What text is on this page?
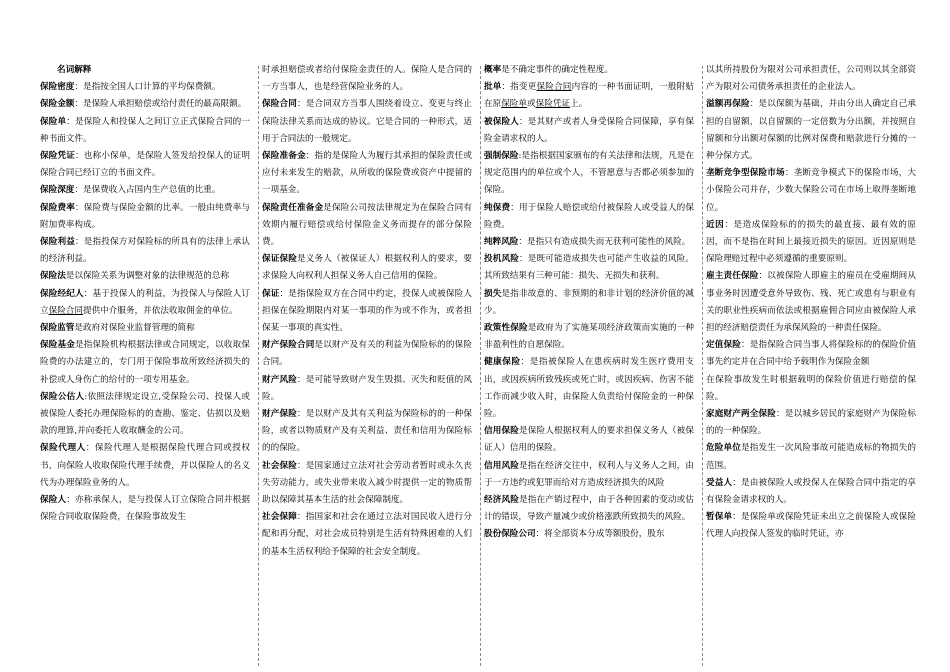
名词解释

保险密度：是指按全国人口计算的平均保费额。

保险金额：是保险人承担赔偿或给付责任的最高限额。

保险单：是保险人和投保人之间订立正式保险合同的一种书面文件。

保险凭证：也称小保单，是保险人签发给投保人的证明保险合同已经订立的书面文件。

保险深度：是保费收入占国内生产总值的比重。

保险费率：保险费与保险金额的比率。一般由纯费率与附加费率构成。

保险利益：是指投保方对保险标的所具有的法律上承认的经济利益。

保险法是以保险关系为调整对象的法律规范的总称

保险经纪人：基于投保人的利益，为投保人与保险人订立保险合同提供中介服务，并依法收取佣金的单位。

保险监管是政府对保险业监督管理的简称

保险基金是指保险机构根据法律或合同规定，以收取保险费的办法建立的，专门用于保险事故所致经济损失的补偿或人身伤亡的给付的一项专用基金。

保险公估人:依照法律规定设立,受保险公司、投保人或被保险人委托办理保险标的的查勘、鉴定、估损以及赔款的理算,并向委托人收取酬金的公司。

保险代理人：保险代理人是根据保险代理合同或授权书，向保险人收取保险代理手续费，并以保险人的名义代为办理保险业务的人。

保险人：亦称承保人，是与投保人订立保险合同并根据保险合同收取保险费，在保险事故发生

时承担赔偿或者给付保险金责任的人。保险人是合同的一方当事人，也是经营保险业务的人。

保险合同：是合同双方当事人围绕着设立、变更与终止保险法律关系而达成的协议。它是合同的一种形式，适用于合同法的一般规定。

保险准备金：指的是保险人为履行其承担的保险责任或应付未来发生的赔款，从所收的保险费或资产中提留的一项基金。

保险责任准备金是保险公司按法律规定为在保险合同有效期内履行赔偿或给付保险金义务而提存的部分保险费。

保证保险是义务人（被保证人）根据权利人的要求，要求保险人向权利人担保义务人自己信用的保险。

保证：是指保险双方在合同中约定，投保人或被保险人担保在保险期限内对某一事项的作为或不作为，或者担保某一事项的真实性。

财产保险合同是以财产及有关的利益为保险标的的保险合同。

财产风险：是可能导致财产发生毁损、灭失和贬值的风险。

财产保险：是以财产及其有关利益为保险标的的一种保险，或者以物质财产及有关利益、责任和信用为保险标的的保险。

社会保险：是国家通过立法对社会劳动者暂时或永久丧失劳动能力，或失业带来收入减少时提供一定的物质帮助以保障其基本生活的社会保障制度。

社会保障：指国家和社会在通过立法对国民收入进行分配和再分配，对社会成员特别是生活有特殊困难的人们的基本生活权利给予保障的社会安全制度。

概率是不确定事件的确定性程度。

批单：指变更保险合同内容的一种书面证明，一般附贴在原保险单或保险凭证上。

被保险人：是其财产或者人身受保险合同保障，享有保险金请求权的人。

强制保险:是指根据国家颁布的有关法律和法规，凡是在规定范围内的单位或个人，不管愿意与否都必须参加的保险。

纯保费：用于保险人赔偿或给付被保险人或受益人的保险费。

纯粹风险：是指只有造成损失而无获利可能性的风险。

投机风险：是既可能造成损失也可能产生收益的风险。其所致结果有三种可能：损失、无损失和获利。

损失是指非故意的、非预期的和非计划的经济价值的减少。

政策性保险是政府为了实施某项经济政策而实施的一种非盈利性的自愿保险。

健康保险：是指被保险人在患疾病时发生医疗费用支出，或因疾病所致残疾或死亡时，或因疾病、伤害不能工作而减少收入时，由保险人负责给付保险金的一种保险。

信用保险是保险人根据权利人的要求担保义务人（被保证人）信用的保险。

信用风险是指在经济交往中，权利人与义务人之间，由于一方违约或犯罪而给对方造成经济损失的风险

经济风险是指在产销过程中，由于各种因素的变动或估计的错误，导致产量减少或价格涨跌所致损失的风险。

股份保险公司：将全部资本分成等额股份，股东

以其所持股份为限对公司承担责任，公司则以其全部资产为限对公司债务承担责任的企业法人。

溢额再保险：是以保额为基础，并由分出人确定自己承担的自留额，以自留额的一定倍数为分出额，并按照自留额和分出额对保额的比例对保费和赔款进行分摊的一种分保方式。

垄断竞争型保险市场：垄断竞争模式下的保险市场，大小保险公司并存，少数大保险公司在市场上取得垄断地位。

近因：是造成保险标的的损失的最直接、最有效的原因，而不是指在时间上最接近损失的原因。近因原则是保险理赔过程中必须遵循的重要原则。

雇主责任保险：以被保险人即雇主的雇员在受雇期间从事业务时因遭受意外导致伤、残、死亡或患有与职业有关的职业性疾病而依法或根据雇佣合同应由被保险人承担的经济赔偿责任为承保风险的一种责任保险。

定值保险：是指保险合同当事人将保险标的的保险价值事先约定并在合同中给予载明作为保险金额

在保险事故发生时根据载明的保险价值进行赔偿的保险。

家庭财产两全保险：是以城乡居民的家庭财产为保险标的的一种保险。

危险单位是指发生一次风险事故可能造成标的物损失的范围。

受益人：是由被保险人或投保人在保险合同中指定的享有保险金请求权的人。

暂保单：是保险单或保险凭证未出立之前保险人或保险代理人向投保人签发的临时凭证，亦
